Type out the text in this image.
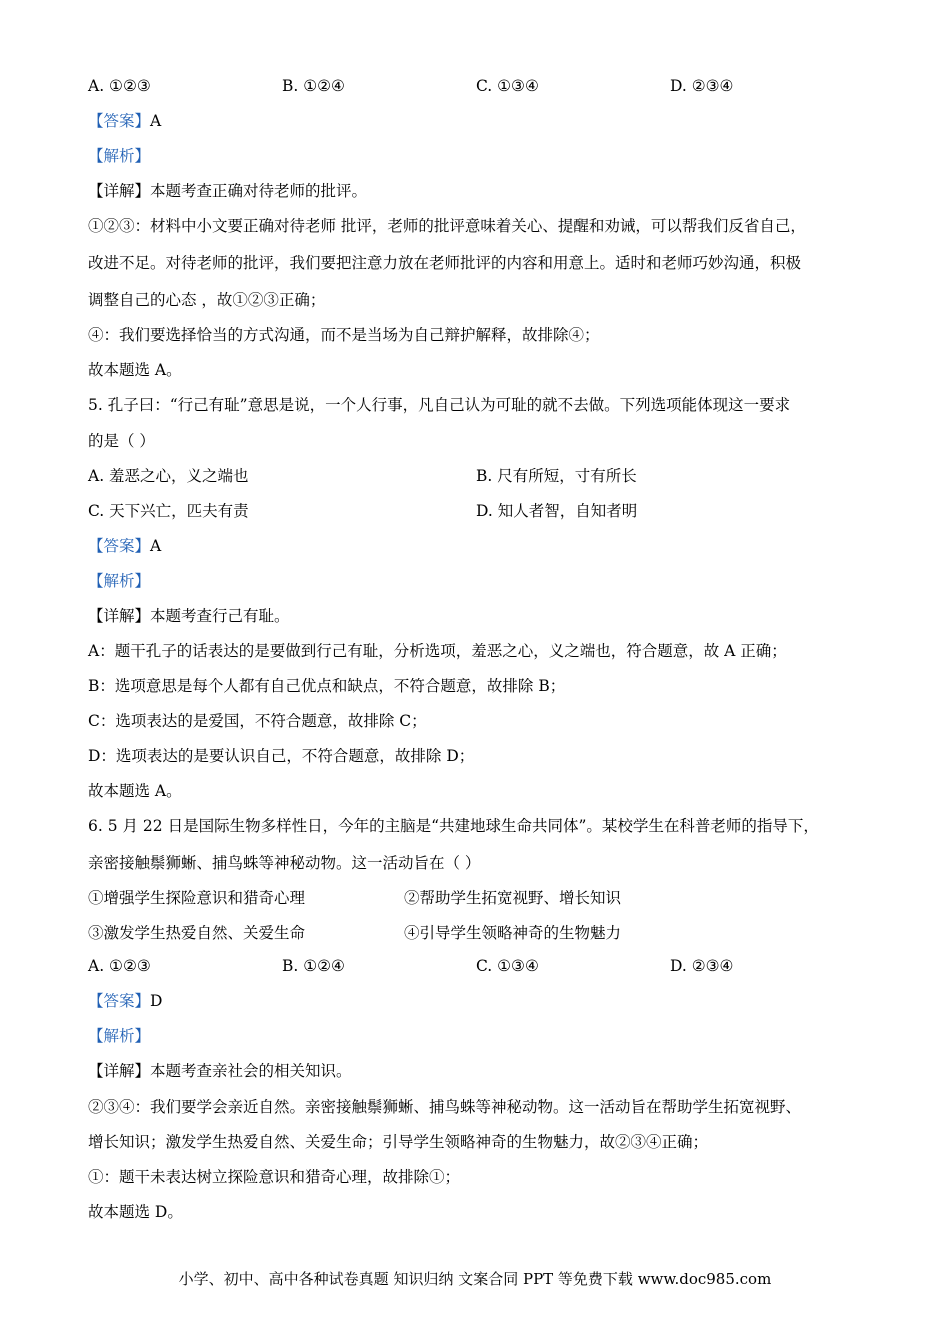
A. ①②③	B. ①②④	C. ①③④	D. ②③④
【答案】A
【解析】
【详解】本题考查正确对待老师的批评。
①②③：材料中小文要正确对待老师 批评，老师的批评意味着关心、提醒和劝诫，可以帮我们反省自己，
改进不足。对待老师的批评，我们要把注意力放在老师批评的内容和用意上。适时和老师巧妙沟通，积极
调整自己的心态 ，故①②③正确；
④：我们要选择恰当的方式沟通，而不是当场为自己辩护解释，故排除④；
故本题选 A。
5. 孔子曰：“行己有耻”意思是说，一个人行事，凡自己认为可耻的就不去做。下列选项能体现这一要求
的是（ ）
A. 羞恶之心，义之端也	B. 尺有所短，寸有所长
C. 天下兴亡，匹夫有责	D. 知人者智，自知者明
【答案】A
【解析】
【详解】本题考查行己有耻。
A：题干孔子的话表达的是要做到行己有耻，分析选项，羞恶之心，义之端也，符合题意，故 A 正确；
B：选项意思是每个人都有自己优点和缺点，不符合题意，故排除 B；
C：选项表达的是爱国，不符合题意，故排除 C；
D：选项表达的是要认识自己，不符合题意，故排除 D；
故本题选 A。
6. 5 月 22 日是国际生物多样性日，今年的主脑是“共建地球生命共同体”。某校学生在科普老师的指导下，
亲密接触鬃狮蜥、捕鸟蛛等神秘动物。这一活动旨在（ ）
①增强学生探险意识和猎奇心理	②帮助学生拓宽视野、增长知识
③激发学生热爱自然、关爱生命	④引导学生领略神奇的生物魅力
A. ①②③	B. ①②④	C. ①③④	D. ②③④
【答案】D
【解析】
【详解】本题考查亲社会的相关知识。
②③④：我们要学会亲近自然。亲密接触鬃狮蜥、捕鸟蛛等神秘动物。这一活动旨在帮助学生拓宽视野、
增长知识；激发学生热爱自然、关爱生命；引导学生领略神奇的生物魅力，故②③④正确；
①：题干未表达树立探险意识和猎奇心理，故排除①；
故本题选 D。
小学、初中、高中各种试卷真题 知识归纳 文案合同 PPT 等免费下载 www.doc985.com
